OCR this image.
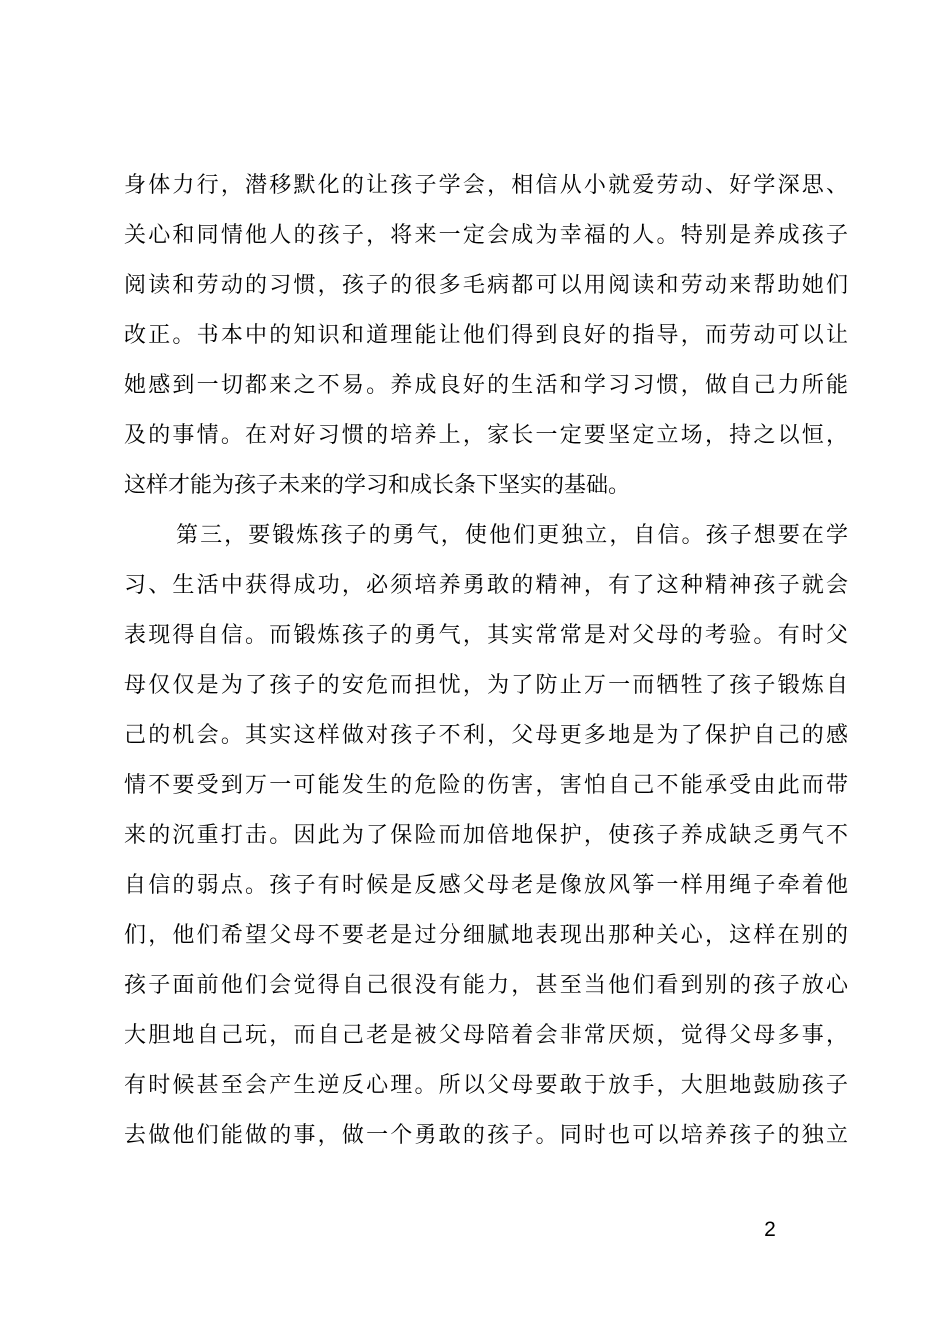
身体力行，潜移默化的让孩子学会，相信从小就爱劳动、好学深思、
关心和同情他人的孩子，将来一定会成为幸福的人。特别是养成孩子
阅读和劳动的习惯，孩子的很多毛病都可以用阅读和劳动来帮助她们
改正。书本中的知识和道理能让他们得到良好的指导，而劳动可以让
她感到一切都来之不易。养成良好的生活和学习习惯，做自己力所能
及的事情。在对好习惯的培养上，家长一定要坚定立场，持之以恒，
这样才能为孩子未来的学习和成长条下坚实的基础。
第三，要锻炼孩子的勇气，使他们更独立，自信。孩子想要在学
习、生活中获得成功，必须培养勇敢的精神，有了这种精神孩子就会
表现得自信。而锻炼孩子的勇气，其实常常是对父母的考验。有时父
母仅仅是为了孩子的安危而担忧，为了防止万一而牺牲了孩子锻炼自
己的机会。其实这样做对孩子不利，父母更多地是为了保护自己的感
情不要受到万一可能发生的危险的伤害，害怕自己不能承受由此而带
来的沉重打击。因此为了保险而加倍地保护，使孩子养成缺乏勇气不
自信的弱点。孩子有时候是反感父母老是像放风筝一样用绳子牵着他
们，他们希望父母不要老是过分细腻地表现出那种关心，这样在别的
孩子面前他们会觉得自己很没有能力，甚至当他们看到别的孩子放心
大胆地自己玩，而自己老是被父母陪着会非常厌烦，觉得父母多事，
有时候甚至会产生逆反心理。所以父母要敢于放手，大胆地鼓励孩子
去做他们能做的事，做一个勇敢的孩子。同时也可以培养孩子的独立
2
